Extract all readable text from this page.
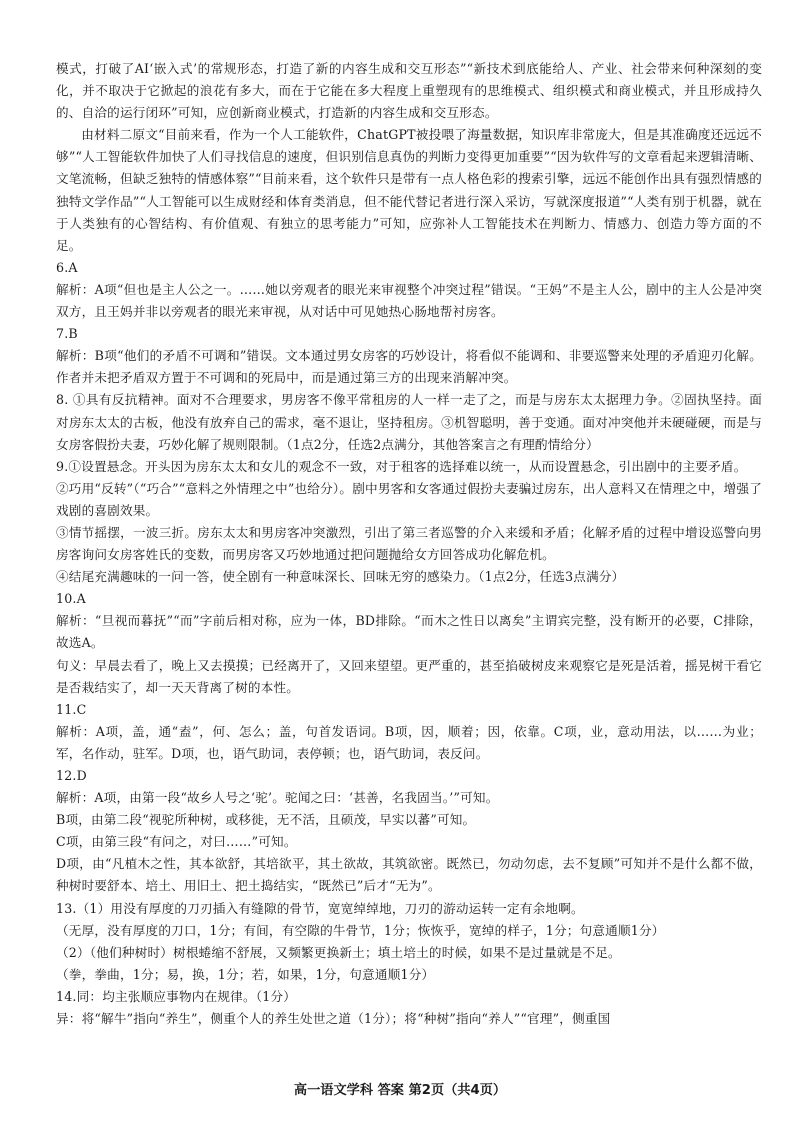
模式，打破了AI‘嵌入式’的常规形态，打造了新的内容生成和交互形态”“新技术到底能给人、产业、社会带来何种深刻的变化，并不取决于它掀起的浪花有多大，而在于它能在多大程度上重塑现有的思维模式、组织模式和商业模式，并且形成持久的、自洽的运行闭环”可知，应创新商业模式，打造新的内容生成和交互形态。

由材料二原文“目前来看，作为一个人工能软件，ChatGPT被投喂了海量数据，知识库非常庞大，但是其准确度还远远不够”“人工智能软件加快了人们寻找信息的速度，但识别信息真伪的判断力变得更加重要”“因为软件写的文章看起来逻辑清晰、文笔流畅，但缺乏独特的情感体察”“目前来看，这个软件只是带有一点人格色彩的搜索引擎，远远不能创作出具有强烈情感的独特文学作品”“人工智能可以生成财经和体育类消息，但不能代替记者进行深入采访，写就深度报道”“人类有别于机器，就在于人类独有的心智结构、有价值观、有独立的思考能力”可知，应弥补人工智能技术在判断力、情感力、创造力等方面的不足。

6.A

解析：A项“但也是主人公之一。……她以旁观者的眼光来审视整个冲突过程”错误。“王妈”不是主人公，剧中的主人公是冲突双方，且王妈并非以旁观者的眼光来审视，从对话中可见她热心肠地帮衬房客。

7.B

解析：B项“他们的矛盾不可调和”错误。文本通过男女房客的巧妙设计，将看似不能调和、非要巡警来处理的矛盾迎刃化解。作者并未把矛盾双方置于不可调和的死局中，而是通过第三方的出现来消解冲突。

8. ①具有反抗精神。面对不合理要求，男房客不像平常租房的人一样一走了之，而是与房东太太据理力争。②固执坚持。面对房东太太的古板，他没有放弃自己的需求，毫不退让，坚持租房。③机智聪明，善于变通。面对冲突他并未硬碰硬，而是与女房客假扮夫妻，巧妙化解了规则限制。（1点2分，任选2点满分，其他答案言之有理酌情给分）

9.①设置悬念。开头因为房东太太和女儿的观念不一致，对于租客的选择难以统一，从而设置悬念，引出剧中的主要矛盾。

②巧用“反转”（“巧合”“意料之外情理之中”也给分）。剧中男客和女客通过假扮夫妻骗过房东，出人意料又在情理之中，增强了戏剧的喜剧效果。

③情节摇摆，一波三折。房东太太和男房客冲突激烈，引出了第三者巡警的介入来缓和矛盾；化解矛盾的过程中增设巡警向男房客询问女房客姓氏的变数，而男房客又巧妙地通过把问题抛给女方回答成功化解危机。

④结尾充满趣味的一问一答，使全剧有一种意味深长、回味无穷的感染力。（1点2分，任选3点满分）

10.A

解析：“旦视而暮抚”“而”字前后相对称，应为一体，BD排除。“而木之性日以离矣”主谓宾完整，没有断开的必要，C排除，故选A。

句义：早晨去看了，晚上又去摸摸；已经离开了，又回来望望。更严重的，甚至掐破树皮来观察它是死是活着，摇晃树干看它是否栽结实了，却一天天背离了树的本性。

11.C

解析：A项，盖，通“盍”，何、怎么；盖，句首发语词。B项，因，顺着；因，依靠。C项，业，意动用法，以……为业；军，名作动，驻军。D项，也，语气助词，表停顿；也，语气助词，表反问。

12.D

解析：A项，由第一段“故乡人号之‘驼’。驼闻之曰：‘甚善，名我固当。’”可知。

B项，由第二段“视驼所种树，或移徙，无不活，且硕茂，早实以蕃”可知。

C项，由第三段“有问之，对曰……”可知。

D项，由“凡植木之性，其本欲舒，其培欲平，其土欲故，其筑欲密。既然已，勿动勿虑，去不复顾”可知并不是什么都不做，种树时要舒本、培土、用旧土、把土捣结实，“既然已”后才“无为”。

13.（1）用没有厚度的刀刃插入有缝隙的骨节，宽宽绰绰地，刀刃的游动运转一定有余地啊。

（无厚，没有厚度的刀口，1分；有间，有空隙的牛骨节，1分；恢恢乎，宽绰的样子，1分；句意通顺1分）

（2）（他们种树时）树根蜷缩不舒展，又频繁更换新土；填土培土的时候，如果不是过量就是不足。

（拳，拳曲，1分；易，换，1分；若，如果，1分，句意通顺1分）

14.同：均主张顺应事物内在规律。（1分）

异：将“解牛”指向“养生”，侧重个人的养生处世之道（1分）；将“种树”指向“养人”“官理”，侧重国

高一语文学科 答案 第2页（共4页）
